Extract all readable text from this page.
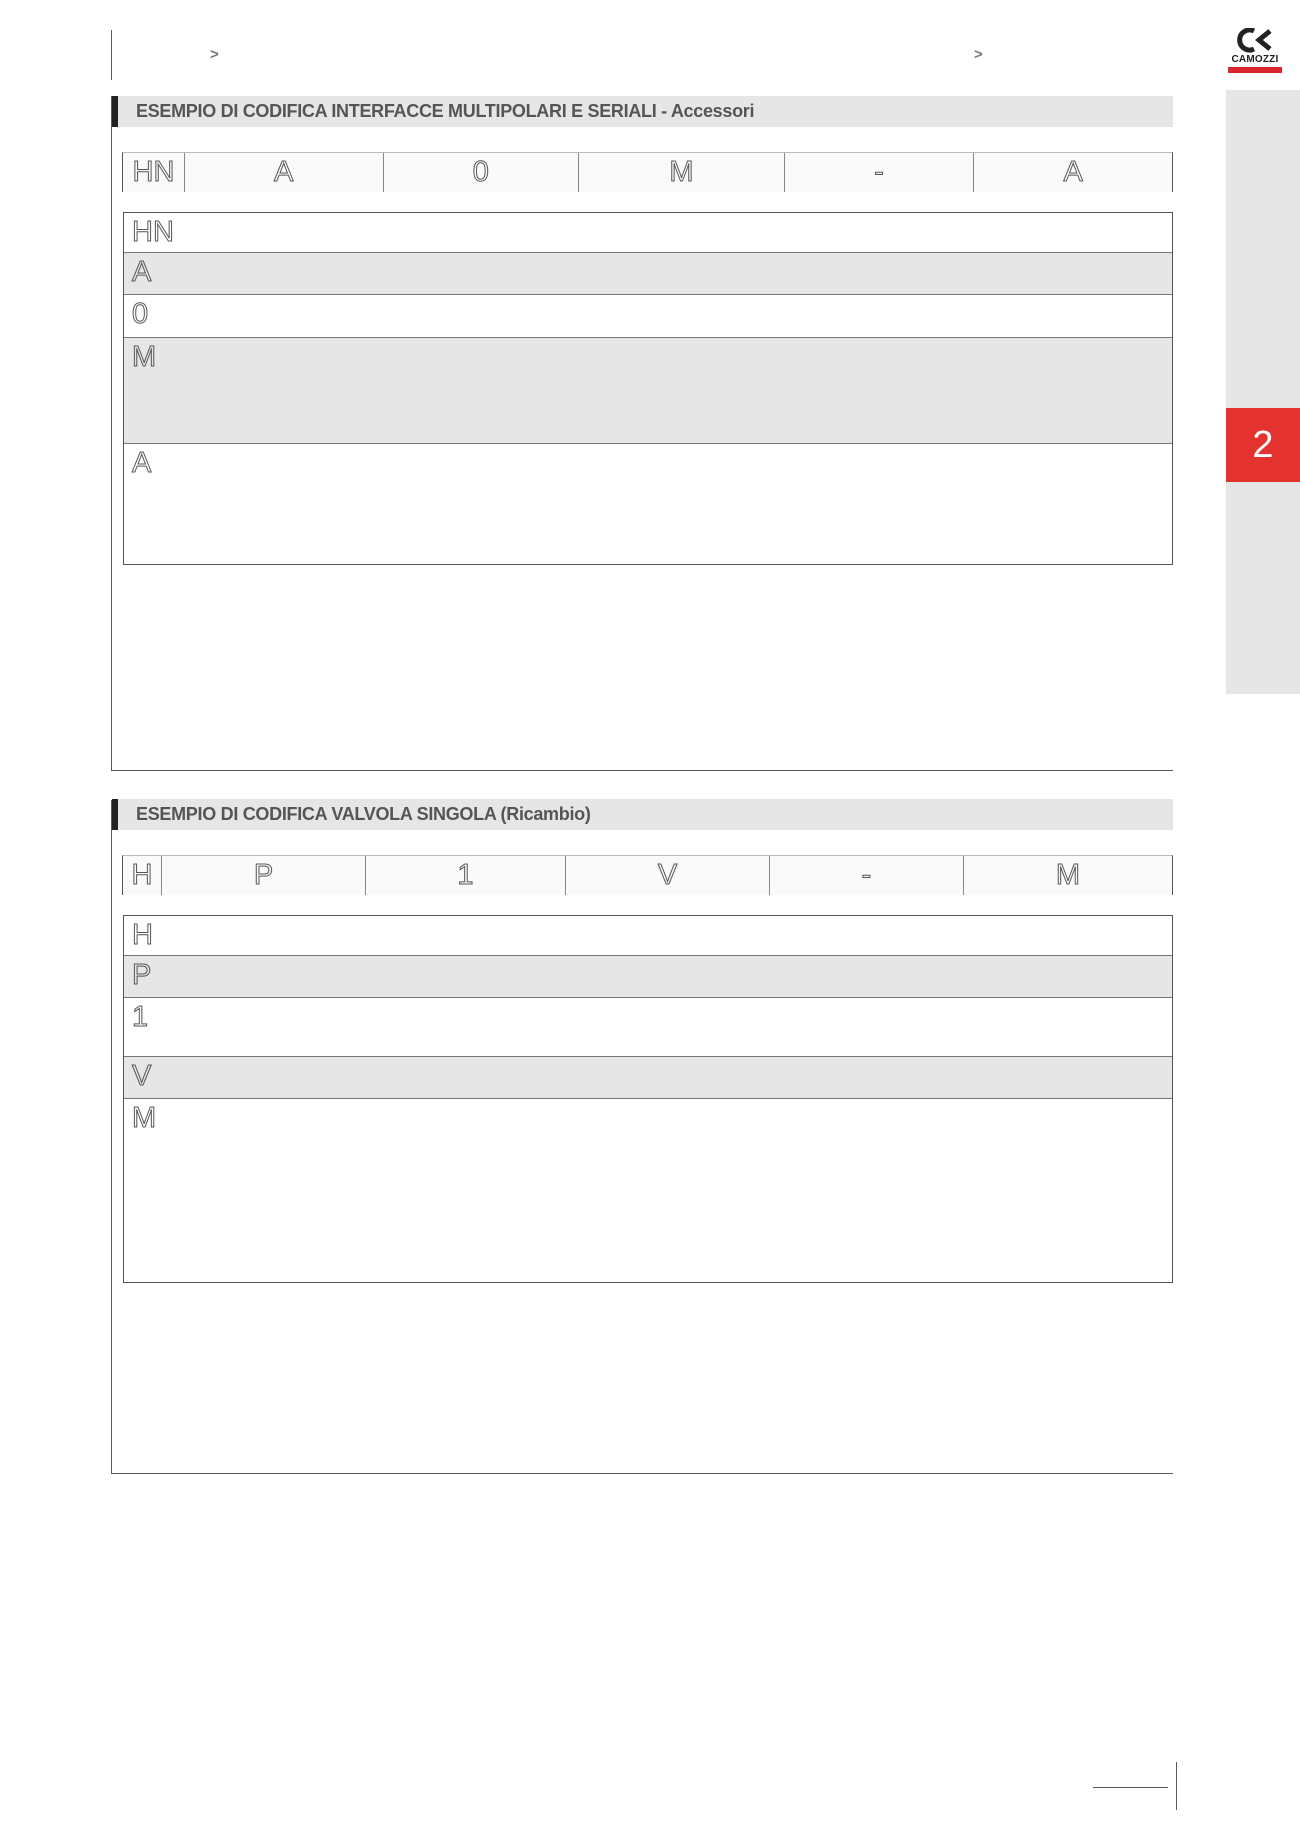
>	>	CAMOZZI
2
ESEMPIO DI CODIFICA INTERFACCE MULTIPOLARI E SERIALI - Accessori
HN	A	0	M	-	A
HN
A
0
M
A
ESEMPIO DI CODIFICA VALVOLA SINGOLA (Ricambio)
H	P	1	V	-	M
H
P
1
V
M
